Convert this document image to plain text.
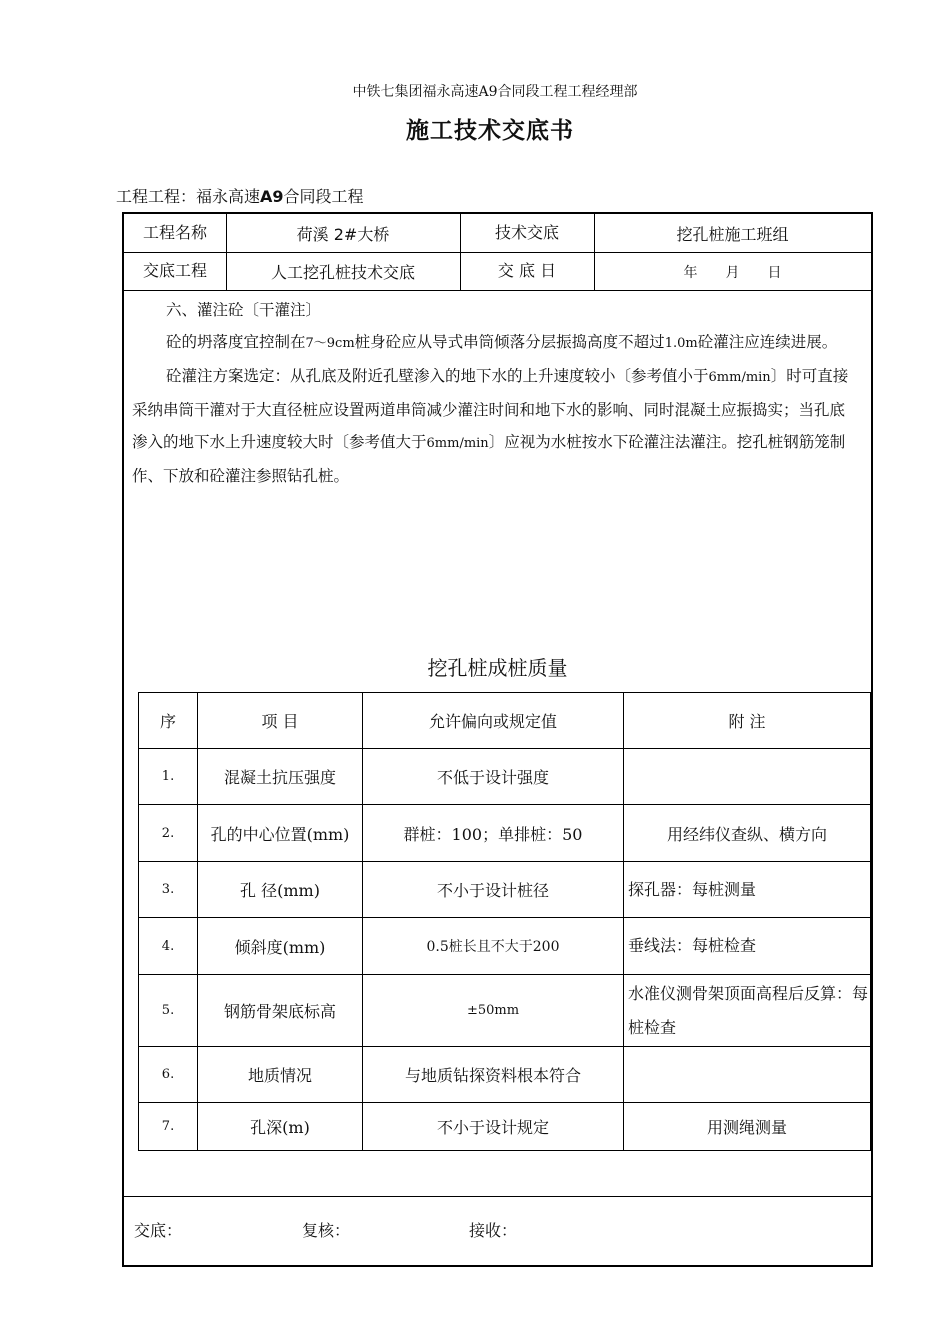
中铁七集团福永高速A9合同段工程工程经理部
施工技术交底书
工程工程：福永高速A9合同段工程
工程名称	荷溪 2#大桥	技术交底	挖孔桩施工班组
交底工程	人工挖孔桩技术交底	交 底 日	年　　月　　日

六、灌注砼〔干灌注〕

砼的坍落度宜控制在7～9cm桩身砼应从导式串筒倾落分层振捣高度不超过1.0m砼灌注应连续进展。

砼灌注方案选定：从孔底及附近孔壁渗入的地下水的上升速度较小〔参考值小于6mm/min〕时可直接采纳串筒干灌对于大直径桩应设置两道串筒减少灌注时间和地下水的影响、同时混凝土应振捣实；当孔底渗入的地下水上升速度较大时〔参考值大于6mm/min〕应视为水桩按水下砼灌注法灌注。挖孔桩钢筋笼制作、下放和砼灌注参照钻孔桩。

挖孔桩成桩质量
序	项 目	允许偏向或规定值	附 注
1.	混凝土抗压强度	不低于设计强度	
2.	孔的中心位置(mm)	群桩：100；单排桩：50	用经纬仪查纵、横方向
3.	孔 径(mm)	不小于设计桩径	探孔器：每桩测量
4.	倾斜度(mm)	0.5桩长且不大于200	垂线法：每桩检查
5.	钢筋骨架底标高	±50mm	水准仪测骨架顶面高程后反算：每桩检查
6.	地质情况	与地质钻探资料根本符合	
7.	孔深(m)	不小于设计规定	用测绳测量
交底：	复核：	接收：
